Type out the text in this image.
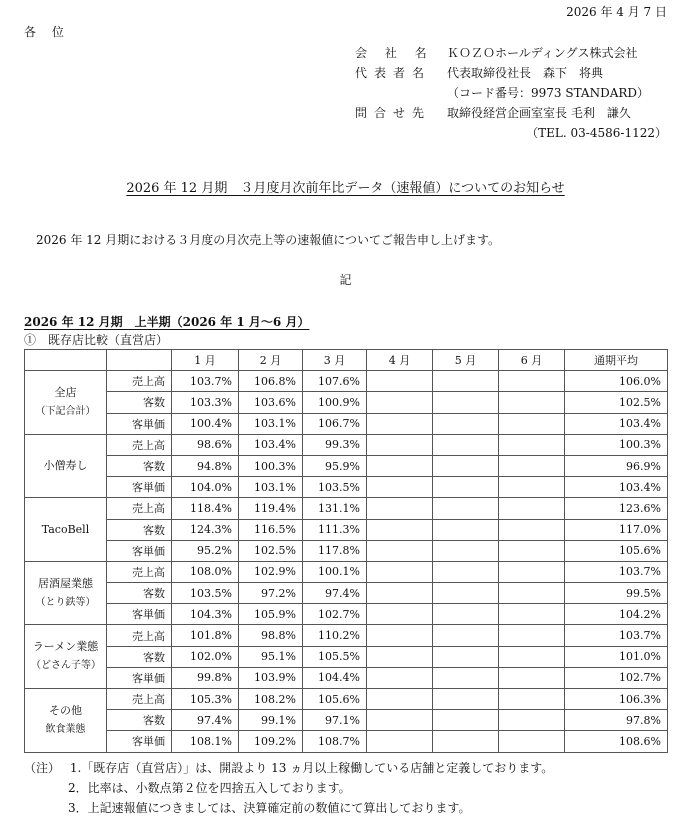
2026 年 4 月 7 日
各 位
会 社 名 ＫＯＺＯホールディングス株式会社
代表者名 代表取締役社長　森下　将典
（コード番号：9973 STANDARD）
問合せ先 取締役経営企画室室長 毛利　謙久
（TEL. 03-4586-1122）
2026 年 12 月期　３月度月次前年比データ（速報値）についてのお知らせ
2026 年 12 月期における３月度の月次売上等の速報値についてご報告申し上げます。
記
2026 年 12 月期　上半期（2026 年 1 月～6 月）
①　既存店比較（直営店）
		1 月	2 月	3 月	4 月	5 月	6 月	通期平均

全店
（下記合計）	売上高	103.7%	106.8%	107.6%				106.0%
	客数	103.3%	103.6%	100.9%				102.5%
	客単価	100.4%	103.1%	106.7%				103.4%

小僧寿し	売上高	98.6%	103.4%	99.3%				100.3%
	客数	94.8%	100.3%	95.9%				96.9%
	客単価	104.0%	103.1%	103.5%				103.4%

TacoBell	売上高	118.4%	119.4%	131.1%				123.6%
	客数	124.3%	116.5%	111.3%				117.0%
	客単価	95.2%	102.5%	117.8%				105.6%

居酒屋業態
（とり鉄等）	売上高	108.0%	102.9%	100.1%				103.7%
	客数	103.5%	97.2%	97.4%				99.5%
	客単価	104.3%	105.9%	102.7%				104.2%

ラーメン業態
（どさん子等）	売上高	101.8%	98.8%	110.2%				103.7%
	客数	102.0%	95.1%	105.5%				101.0%
	客単価	99.8%	103.9%	104.4%				102.7%

その他
飲食業態	売上高	105.3%	108.2%	105.6%				106.3%
	客数	97.4%	99.1%	97.1%				97.8%
	客単価	108.1%	109.2%	108.7%				108.6%
（注） 1.「既存店（直営店）」は、開設より 13 ヵ月以上稼働している店舗と定義しております。
2．比率は、小数点第２位を四捨五入しております。
3．上記速報値につきましては、決算確定前の数値にて算出しております。
